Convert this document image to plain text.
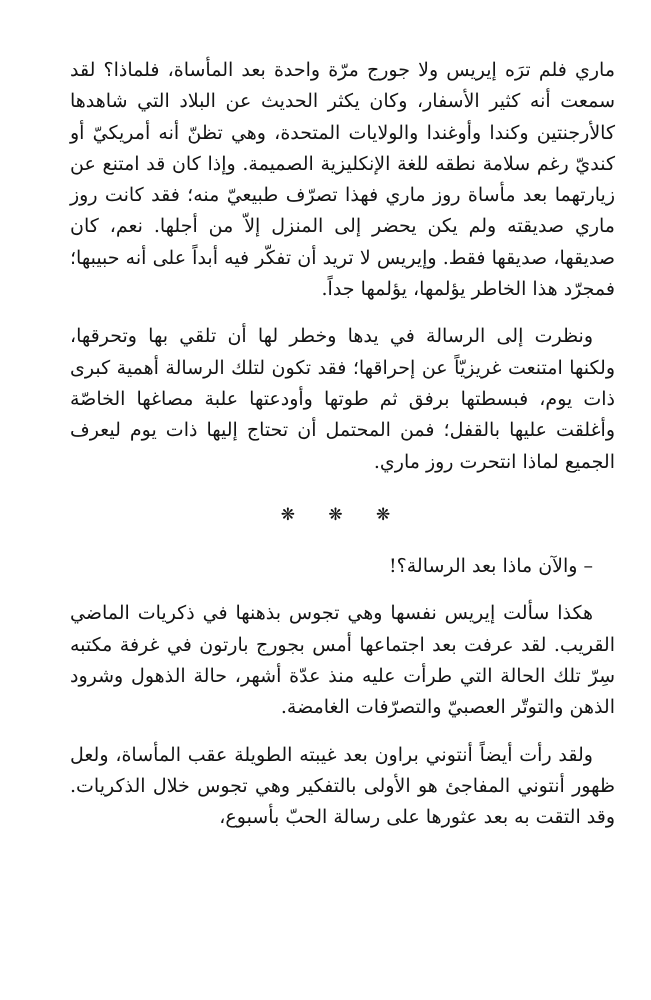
ماري فلم ترَه إيريس ولا جورج مرّة واحدة بعد المأساة، فلماذا؟ لقد سمعت أنه كثير الأسفار، وكان يكثر الحديث عن البلاد التي شاهدها كالأرجنتين وكندا وأوغندا والولايات المتحدة، وهي تظنّ أنه أمريكيّ أو كنديّ رغم سلامة نطقه للغة الإنكليزية الصميمة. وإذا كان قد امتنع عن زيارتهما بعد مأساة روز ماري فهذا تصرّف طبيعيّ منه؛ فقد كانت روز ماري صديقته ولم يكن يحضر إلى المنزل إلاّ من أجلها. نعم، كان صديقها، صديقها فقط. وإيريس لا تريد أن تفكّر فيه أبداً على أنه حبيبها؛ فمجرّد هذا الخاطر يؤلمها، يؤلمها جداً.

ونظرت إلى الرسالة في يدها وخطر لها أن تلقي بها وتحرقها، ولكنها امتنعت غريزيّاً عن إحراقها؛ فقد تكون لتلك الرسالة أهمية كبرى ذات يوم، فبسطتها برفق ثم طوتها وأودعتها علبة مصاغها الخاصّة وأغلقت عليها بالقفل؛ فمن المحتمل أن تحتاج إليها ذات يوم ليعرف الجميع لماذا انتحرت روز ماري.

❋ ❋ ❋

– والآن ماذا بعد الرسالة؟!

هكذا سألت إيريس نفسها وهي تجوس بذهنها في ذكريات الماضي القريب. لقد عرفت بعد اجتماعها أمس بجورج بارتون في غرفة مكتبه سِرّ تلك الحالة التي طرأت عليه منذ عدّة أشهر، حالة الذهول وشرود الذهن والتوتّر العصبيّ والتصرّفات الغامضة.

ولقد رأت أيضاً أنتوني براون بعد غيبته الطويلة عقب المأساة، ولعل ظهور أنتوني المفاجئ هو الأولى بالتفكير وهي تجوس خلال الذكريات. وقد التقت به بعد عثورها على رسالة الحبّ بأسبوع،
